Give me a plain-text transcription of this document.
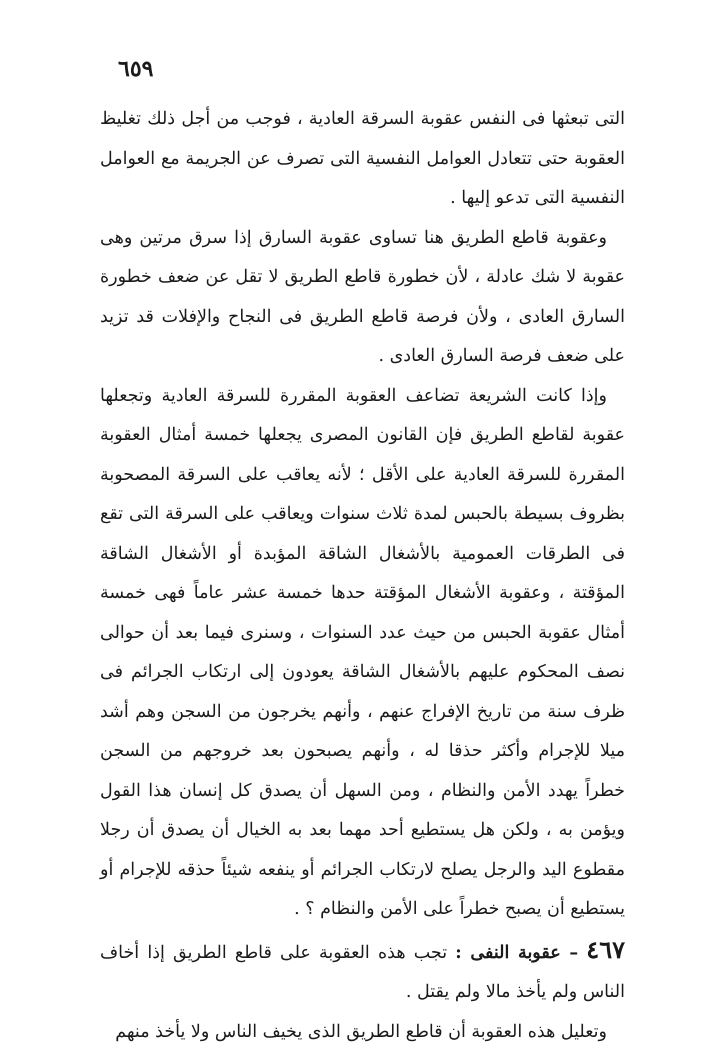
٦٥٩

التى تبعثها فى النفس عقوبة السرقة العادية ، فوجب من أجل ذلك تغليظ العقوبة حتى تتعادل العوامل النفسية التى تصرف عن الجريمة مع العوامل النفسية التى تدعو إليها .

وعقوبة قاطع الطريق هنا تساوى عقوبة السارق إذا سرق مرتين وهى عقوبة لا شك عادلة ، لأن خطورة قاطع الطريق لا تقل عن ضعف خطورة السارق العادى ، ولأن فرصة قاطع الطريق فى النجاح والإفلات قد تزيد على ضعف فرصة السارق العادى .

وإذا كانت الشريعة تضاعف العقوبة المقررة للسرقة العادية وتجعلها عقوبة لقاطع الطريق فإن القانون المصرى يجعلها خمسة أمثال العقوبة المقررة للسرقة العادية على الأقل ؛ لأنه يعاقب على السرقة المصحوبة بظروف بسيطة بالحبس لمدة ثلاث سنوات ويعاقب على السرقة التى تقع فى الطرقات العمومية بالأشغال الشاقة المؤبدة أو الأشغال الشاقة المؤقتة ، وعقوبة الأشغال المؤقتة حدها خمسة عشر عاماً فهى خمسة أمثال عقوبة الحبس من حيث عدد السنوات ، وسنرى فيما بعد أن حوالى نصف المحكوم عليهم بالأشغال الشاقة يعودون إلى ارتكاب الجرائم فى ظرف سنة من تاريخ الإفراج عنهم ، وأنهم يخرجون من السجن وهم أشد ميلا للإجرام وأكثر حذقا له ، وأنهم يصبحون بعد خروجهم من السجن خطراً يهدد الأمن والنظام ، ومن السهل أن يصدق كل إنسان هذا القول ويؤمن به ، ولكن هل يستطيع أحد مهما بعد به الخيال أن يصدق أن رجلا مقطوع اليد والرجل يصلح لارتكاب الجرائم أو ينفعه شيئاً حذقه للإجرام أو يستطيع أن يصبح خطراً على الأمن والنظام ؟ .

٤٦٧ – عقوبة النفى : تجب هذه العقوبة على قاطع الطريق إذا أخاف الناس ولم يأخذ مالا ولم يقتل .

وتعليل هذه العقوبة أن قاطع الطريق الذى يخيف الناس ولا يأخذ منهم
